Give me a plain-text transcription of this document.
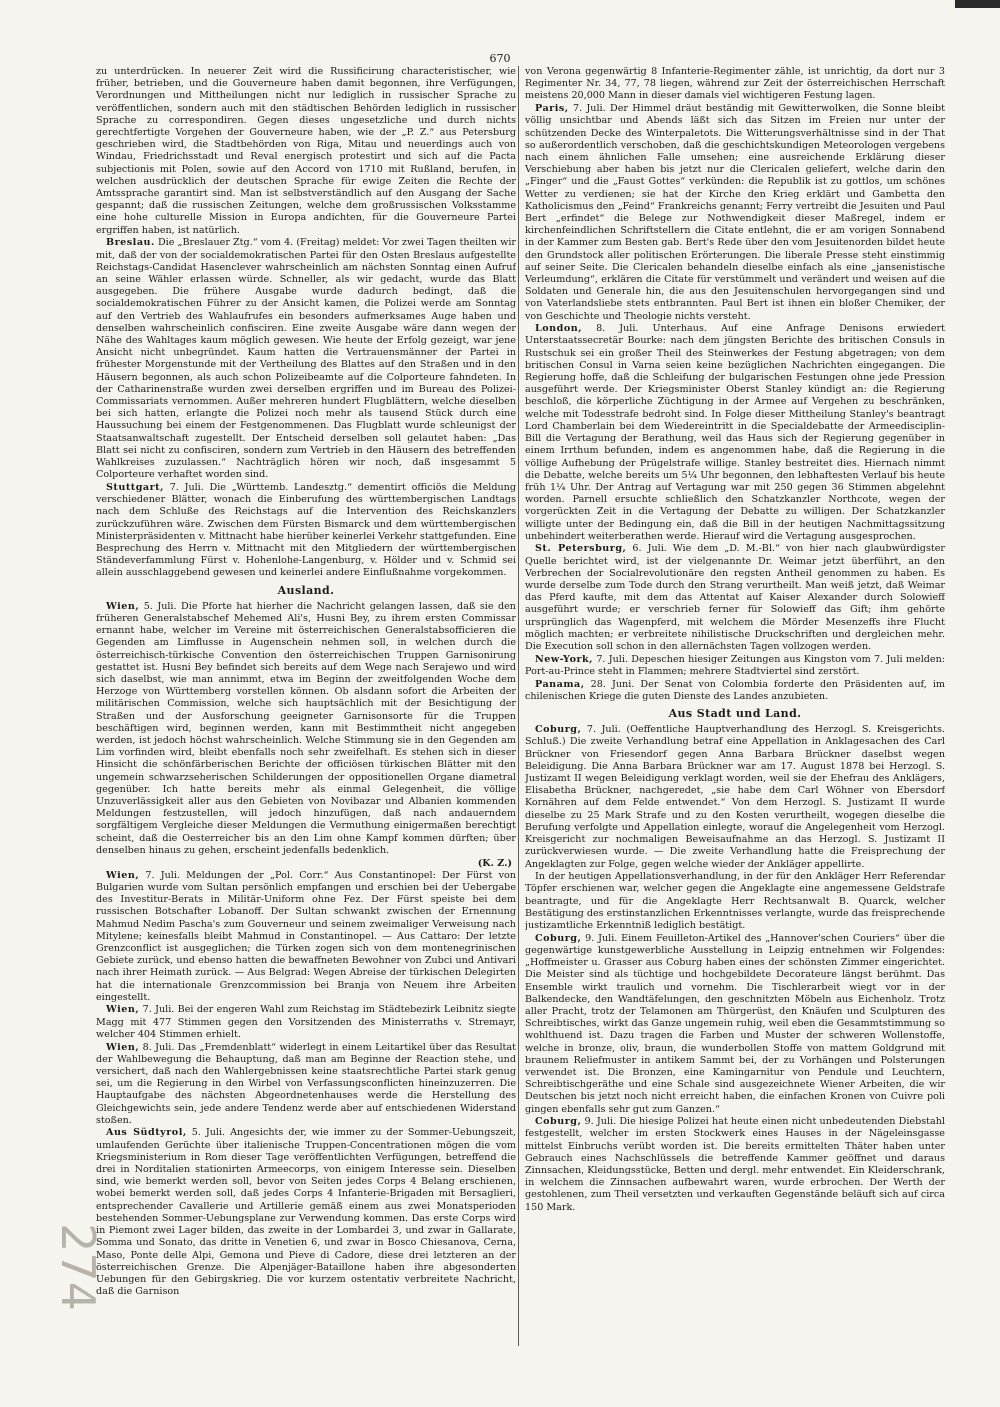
670
274

zu unterdrücken. In neuerer Zeit wird die Russificirung characteristischer, wie früher, betrieben, und die Gouverneure haben damit begonnen, ihre Verfügungen, Verordnungen und Mittheilungen nicht nur lediglich in russischer Sprache zu veröffentlichen, sondern auch mit den städtischen Behörden lediglich in russischer Sprache zu correspondiren. Gegen dieses ungesetzliche und durch nichts gerechtfertigte Vorgehen der Gouverneure haben, wie der „P. Z.“ aus Petersburg geschrieben wird, die Stadtbehörden von Riga, Mitau und neuerdings auch von Windau, Friedrichsstadt und Reval energisch protestirt und sich auf die Pacta subjectionis mit Polen, sowie auf den Accord von 1710 mit Rußland, berufen, in welchen ausdrücklich der deutschen Sprache für ewige Zeiten die Rechte der Amtssprache garantirt sind. Man ist selbstverständlich auf den Ausgang der Sache gespannt; daß die russischen Zeitungen, welche dem großrussischen Volksstamme eine hohe culturelle Mission in Europa andichten, für die Gouverneure Partei ergriffen haben, ist natürlich.

Breslau. Die „Breslauer Ztg.“ vom 4. (Freitag) meldet: Vor zwei Tagen theilten wir mit, daß der von der socialdemokratischen Partei für den Osten Breslaus aufgestellte Reichstags-Candidat Hasenclever wahrscheinlich am nächsten Sonntag einen Aufruf an seine Wähler erlassen würde. Schneller, als wir gedacht, wurde das Blatt ausgegeben. Die frühere Ausgabe wurde dadurch bedingt, daß die socialdemokratischen Führer zu der Ansicht kamen, die Polizei werde am Sonntag auf den Vertrieb des Wahlaufrufes ein besonders aufmerksames Auge haben und denselben wahrscheinlich confisciren. Eine zweite Ausgabe wäre dann wegen der Nähe des Wahltages kaum möglich gewesen. Wie heute der Erfolg gezeigt, war jene Ansicht nicht unbegründet. Kaum hatten die Vertrauensmänner der Partei in frühester Morgenstunde mit der Vertheilung des Blattes auf den Straßen und in den Häusern begonnen, als auch schon Polizeibeamte auf die Colporteure fahndeten. In der Catharinenstraße wurden zwei derselben ergriffen und im Bureau des Polizei-Commissariats vernommen. Außer mehreren hundert Flugblättern, welche dieselben bei sich hatten, erlangte die Polizei noch mehr als tausend Stück durch eine Haussuchung bei einem der Festgenommenen. Das Flugblatt wurde schleunigst der Staatsanwaltschaft zugestellt. Der Entscheid derselben soll gelautet haben: „Das Blatt sei nicht zu confisciren, sondern zum Vertrieb in den Häusern des betreffenden Wahlkreises zuzulassen.“ Nachträglich hören wir noch, daß insgesammt 5 Colporteure verhaftet worden sind.

Stuttgart, 7. Juli. Die „Württemb. Landesztg.“ dementirt officiös die Meldung verschiedener Blätter, wonach die Einberufung des württembergischen Landtags nach dem Schluße des Reichstags auf die Intervention des Reichskanzlers zurückzuführen wäre. Zwischen dem Fürsten Bismarck und dem württembergischen Ministerpräsidenten v. Mittnacht habe hierüber keinerlei Verkehr stattgefunden. Eine Besprechung des Herrn v. Mittnacht mit den Mitgliedern der württembergischen Ständeverfammlung Fürst v. Hohenlohe-Langenburg, v. Hölder und v. Schmid sei allein ausschlaggebend gewesen und keinerlei andere Einflußnahme vorgekommen.

Ausland.

Wien, 5. Juli. Die Pforte hat hierher die Nachricht gelangen lassen, daß sie den früheren Generalstabschef Mehemed Ali's, Husni Bey, zu ihrem ersten Commissar ernannt habe, welcher im Vereine mit österreichischen Generalstabsofficieren die Gegenden am Limflusse in Augenschein nehmen soll, in welchen durch die österreichisch-türkische Convention den österreichischen Truppen Garnisonirung gestattet ist. Husni Bey befindet sich bereits auf dem Wege nach Serajewo und wird sich daselbst, wie man annimmt, etwa im Beginn der zweitfolgenden Woche dem Herzoge von Württemberg vorstellen können. Ob alsdann sofort die Arbeiten der militärischen Commission, welche sich hauptsächlich mit der Besichtigung der Straßen und der Ausforschung geeigneter Garnisonsorte für die Truppen beschäftigen wird, beginnen werden, kann mit Bestimmtheit nicht angegeben werden, ist jedoch höchst wahrscheinlich. Welche Stimmung sie in den Gegenden am Lim vorfinden wird, bleibt ebenfalls noch sehr zweifelhaft. Es stehen sich in dieser Hinsicht die schönfärberischen Berichte der officiösen türkischen Blätter mit den ungemein schwarzseherischen Schilderungen der oppositionellen Organe diametral gegenüber. Ich hatte bereits mehr als einmal Gelegenheit, die völlige Unzuverlässigkeit aller aus den Gebieten von Novibazar und Albanien kommenden Meldungen festzustellen, will jedoch hinzufügen, daß nach andauerndem sorgfältigem Vergleiche dieser Meldungen die Vermuthung einigermaßen berechtigt scheint, daß die Oesterreicher bis an den Lim ohne Kampf kommen dürften; über denselben hinaus zu gehen, erscheint jedenfalls bedenklich.

(K. Z.)

Wien, 7. Juli. Meldungen der „Pol. Corr.“ Aus Constantinopel: Der Fürst von Bulgarien wurde vom Sultan persönlich empfangen und erschien bei der Uebergabe des Investitur-Berats in Militär-Uniform ohne Fez. Der Fürst speiste bei dem russischen Botschafter Lobanoff. Der Sultan schwankt zwischen der Ernennung Mahmud Nedim Pascha's zum Gouverneur und seinem zweimaliger Verweisung nach Mitylene; keinesfalls bleibt Mahmud in Constantinopel. — Aus Cattaro: Der letzte Grenzconflict ist ausgeglichen; die Türken zogen sich von dem montenegrinischen Gebiete zurück, und ebenso hatten die bewaffneten Bewohner von Zubci und Antivari nach ihrer Heimath zurück. — Aus Belgrad: Wegen Abreise der türkischen Delegirten hat die internationale Grenzcommission bei Branja von Neuem ihre Arbeiten eingestellt.

Wien, 7. Juli. Bei der engeren Wahl zum Reichstag im Städtebezirk Leibnitz siegte Magg mit 477 Stimmen gegen den Vorsitzenden des Ministerraths v. Stremayr, welcher 404 Stimmen erhielt.

Wien, 8. Juli. Das „Fremdenblatt“ widerlegt in einem Leitartikel über das Resultat der Wahlbewegung die Behauptung, daß man am Beginne der Reaction stehe, und versichert, daß nach den Wahlergebnissen keine staatsrechtliche Partei stark genug sei, um die Regierung in den Wirbel von Verfassungsconflicten hineinzuzerren. Die Hauptaufgabe des nächsten Abgeordnetenhauses werde die Herstellung des Gleichgewichts sein, jede andere Tendenz werde aber auf entschiedenen Widerstand stoßen.

Aus Südtyrol, 5. Juli. Angesichts der, wie immer zu der Sommer-Uebungszeit, umlaufenden Gerüchte über italienische Truppen-Concentrationen mögen die vom Kriegsministerium in Rom dieser Tage veröffentlichten Verfügungen, betreffend die drei in Norditalien stationirten Armeecorps, von einigem Interesse sein. Dieselben sind, wie bemerkt werden soll, bevor von Seiten jedes Corps 4 Belang erschienen, wobei bemerkt werden soll, daß jedes Corps 4 Infanterie-Brigaden mit Bersaglieri, entsprechender Cavallerie und Artillerie gemäß einem aus zwei Monatsperioden bestehenden Sommer-Uebungsplane zur Verwendung kommen. Das erste Corps wird in Piemont zwei Lager bilden, das zweite in der Lombardei 3, und zwar in Gallarate, Somma und Sonato, das dritte in Venetien 6, und zwar in Bosco Chiesanova, Cerna, Maso, Ponte delle Alpi, Gemona und Pieve di Cadore, diese drei letzteren an der österreichischen Grenze. Die Alpenjäger-Bataillone haben ihre abgesonderten Uebungen für den Gebirgskrieg. Die vor kurzem ostentativ verbreitete Nachricht, daß die Garnison

von Verona gegenwärtig 8 Infanterie-Regimenter zähle, ist unrichtig, da dort nur 3 Regimenter Nr. 34, 77, 78 liegen, während zur Zeit der österreichischen Herrschaft meistens 20,000 Mann in dieser damals viel wichtigeren Festung lagen.

Paris, 7. Juli. Der Himmel dräut beständig mit Gewitterwolken, die Sonne bleibt völlig unsichtbar und Abends läßt sich das Sitzen im Freien nur unter der schützenden Decke des Winterpaletots. Die Witterungsverhältnisse sind in der That so außerordentlich verschoben, daß die geschichtskundigen Meteorologen vergebens nach einem ähnlichen Falle umsehen; eine ausreichende Erklärung dieser Verschiebung aber haben bis jetzt nur die Clericalen geliefert, welche darin den „Finger“ und die „Faust Gottes“ verkünden: die Republik ist zu gottlos, um schönes Wetter zu verdienen; sie hat der Kirche den Krieg erklärt und Gambetta den Katholicismus den „Feind“ Frankreichs genannt; Ferry vertreibt die Jesuiten und Paul Bert „erfindet“ die Belege zur Nothwendigkeit dieser Maßregel, indem er kirchenfeindlichen Schriftstellern die Citate entlehnt, die er am vorigen Sonnabend in der Kammer zum Besten gab. Bert's Rede über den vom Jesuitenorden bildet heute den Grundstock aller politischen Erörterungen. Die liberale Presse steht einstimmig auf seiner Seite. Die Clericalen behandeln dieselbe einfach als eine „jansenistische Verleumdung“, erklären die Citate für verstümmelt und verändert und weisen auf die Soldaten und Generale hin, die aus den Jesuitenschulen hervorgegangen sind und von Vaterlandsliebe stets entbrannten. Paul Bert ist ihnen ein bloßer Chemiker, der von Geschichte und Theologie nichts versteht.

London, 8. Juli. Unterhaus. Auf eine Anfrage Denisons erwiedert Unterstaatssecretär Bourke: nach dem jüngsten Berichte des britischen Consuls in Rustschuk sei ein großer Theil des Steinwerkes der Festung abgetragen; von dem britischen Consul in Varna seien keine bezüglichen Nachrichten eingegangen. Die Regierung hoffe, daß die Schleifung der bulgarischen Festungen ohne jede Pression ausgeführt werde. Der Kriegsminister Oberst Stanley kündigt an: die Regierung beschloß, die körperliche Züchtigung in der Armee auf Vergehen zu beschränken, welche mit Todesstrafe bedroht sind. In Folge dieser Mittheilung Stanley's beantragt Lord Chamberlain bei dem Wiedereintritt in die Specialdebatte der Armeedisciplin-Bill die Vertagung der Berathung, weil das Haus sich der Regierung gegenüber in einem Irrthum befunden, indem es angenommen habe, daß die Regierung in die völlige Aufhebung der Prügelstrafe willige. Stanley bestreitet dies. Hiernach nimmt die Debatte, welche bereits um 5¼ Uhr begonnen, den lebhaftesten Verlauf bis heute früh 1¼ Uhr. Der Antrag auf Vertagung war mit 250 gegen 36 Stimmen abgelehnt worden. Parnell ersuchte schließlich den Schatzkanzler Northcote, wegen der vorgerückten Zeit in die Vertagung der Debatte zu willigen. Der Schatzkanzler willigte unter der Bedingung ein, daß die Bill in der heutigen Nachmittagssitzung unbehindert weiterberathen werde. Hierauf wird die Vertagung ausgesprochen.

St. Petersburg, 6. Juli. Wie dem „D. M.-Bl.“ von hier nach glaubwürdigster Quelle berichtet wird, ist der vielgenannte Dr. Weimar jetzt überführt, an den Verbrechen der Socialrevolutionäre den regsten Antheil genommen zu haben. Es wurde derselbe zum Tode durch den Strang verurtheilt. Man weiß jetzt, daß Weimar das Pferd kaufte, mit dem das Attentat auf Kaiser Alexander durch Solowieff ausgeführt wurde; er verschrieb ferner für Solowieff das Gift; ihm gehörte ursprünglich das Wagenpferd, mit welchem die Mörder Mesenzeffs ihre Flucht möglich machten; er verbreitete nihilistische Druckschriften und dergleichen mehr. Die Execution soll schon in den allernächsten Tagen vollzogen werden.

New-York, 7. Juli. Depeschen hiesiger Zeitungen aus Kingston vom 7. Juli melden: Port-au-Prince steht in Flammen; mehrere Stadtviertel sind zerstört.

Panama, 28. Juni. Der Senat von Colombia forderte den Präsidenten auf, im chilenischen Kriege die guten Dienste des Landes anzubieten.

Aus Stadt und Land.

Coburg, 7. Juli. (Oeffentliche Hauptverhandlung des Herzogl. S. Kreisgerichts. Schluß.) Die zweite Verhandlung betraf eine Appellation in Anklagesachen des Carl Brückner von Friesendorf gegen Anna Barbara Brückner daselbst wegen Beleidigung. Die Anna Barbara Brückner war am 17. August 1878 bei Herzogl. S. Justizamt II wegen Beleidigung verklagt worden, weil sie der Ehefrau des Anklägers, Elisabetha Brückner, nachgeredet, „sie habe dem Carl Wöhner von Ebersdorf Kornähren auf dem Felde entwendet.“ Von dem Herzogl. S. Justizamt II wurde dieselbe zu 25 Mark Strafe und zu den Kosten verurtheilt, wogegen dieselbe die Berufung verfolgte und Appellation einlegte, worauf die Angelegenheit vom Herzogl. Kreisgericht zur nochmaligen Beweisaufnahme an das Herzogl. S. Justizamt II zurückverwiesen wurde. — Die zweite Verhandlung hatte die Freisprechung der Angeklagten zur Folge, gegen welche wieder der Ankläger appellirte.

In der heutigen Appellationsverhandlung, in der für den Ankläger Herr Referendar Töpfer erschienen war, welcher gegen die Angeklagte eine angemessene Geldstrafe beantragte, und für die Angeklagte Herr Rechtsanwalt B. Quarck, welcher Bestätigung des erstinstanzlichen Erkenntnisses verlangte, wurde das freisprechende justizamtliche Erkenntniß lediglich bestätigt.

Coburg, 9. Juli. Einem Feuilleton-Artikel des „Hannover'schen Couriers“ über die gegenwärtige kunstgewerbliche Ausstellung in Leipzig entnehmen wir Folgendes: „Hoffmeister u. Grasser aus Coburg haben eines der schönsten Zimmer eingerichtet. Die Meister sind als tüchtige und hochgebildete Decorateure längst berühmt. Das Ensemble wirkt traulich und vornehm. Die Tischlerarbeit wiegt vor in der Balkendecke, den Wandtäfelungen, den geschnitzten Möbeln aus Eichenholz. Trotz aller Pracht, trotz der Telamonen am Thürgerüst, den Knäufen und Sculpturen des Schreibtisches, wirkt das Ganze ungemein ruhig, weil eben die Gesammtstimmung so wohlthuend ist. Dazu tragen die Farben und Muster der schweren Wollenstoffe, welche in bronze, oliv, braun, die wunderbollen Stoffe von mattem Goldgrund mit braunem Reliefmuster in antikem Sammt bei, der zu Vorhängen und Polsterungen verwendet ist. Die Bronzen, eine Kamingarnitur von Pendule und Leuchtern, Schreibtischgeräthe und eine Schale sind ausgezeichnete Wiener Arbeiten, die wir Deutschen bis jetzt noch nicht erreicht haben, die einfachen Kronen von Cuivre poli gingen ebenfalls sehr gut zum Ganzen.“

Coburg, 9. Juli. Die hiesige Polizei hat heute einen nicht unbedeutenden Diebstahl festgestellt, welcher im ersten Stockwerk eines Hauses in der Nägeleinsgasse mittelst Einbruchs verübt worden ist. Die bereits ermittelten Thäter haben unter Gebrauch eines Nachschlüssels die betreffende Kammer geöffnet und daraus Zinnsachen, Kleidungsstücke, Betten und dergl. mehr entwendet. Ein Kleiderschrank, in welchem die Zinnsachen aufbewahrt waren, wurde erbrochen. Der Werth der gestohlenen, zum Theil versetzten und verkauften Gegenstände beläuft sich auf circa 150 Mark.
